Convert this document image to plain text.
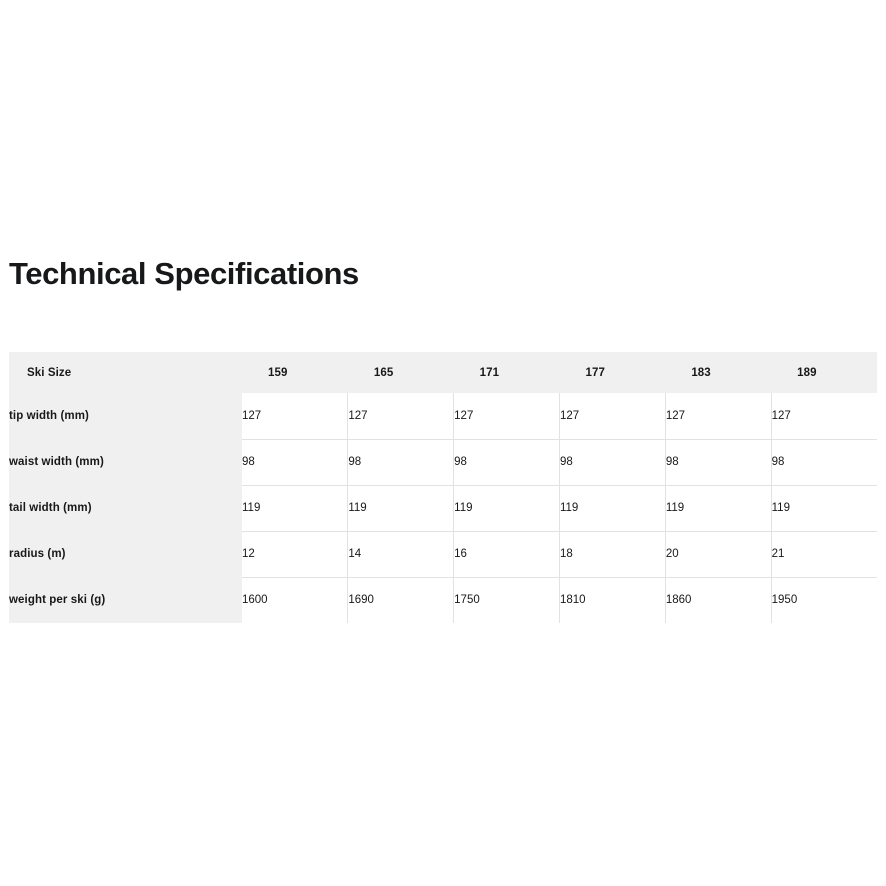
Technical Specifications
Ski Size	159	165	171	177	183	189
tip width (mm)	127	127	127	127	127	127
waist width (mm)	98	98	98	98	98	98
tail width (mm)	119	119	119	119	119	119
radius (m)	12	14	16	18	20	21
weight per ski (g)	1600	1690	1750	1810	1860	1950
